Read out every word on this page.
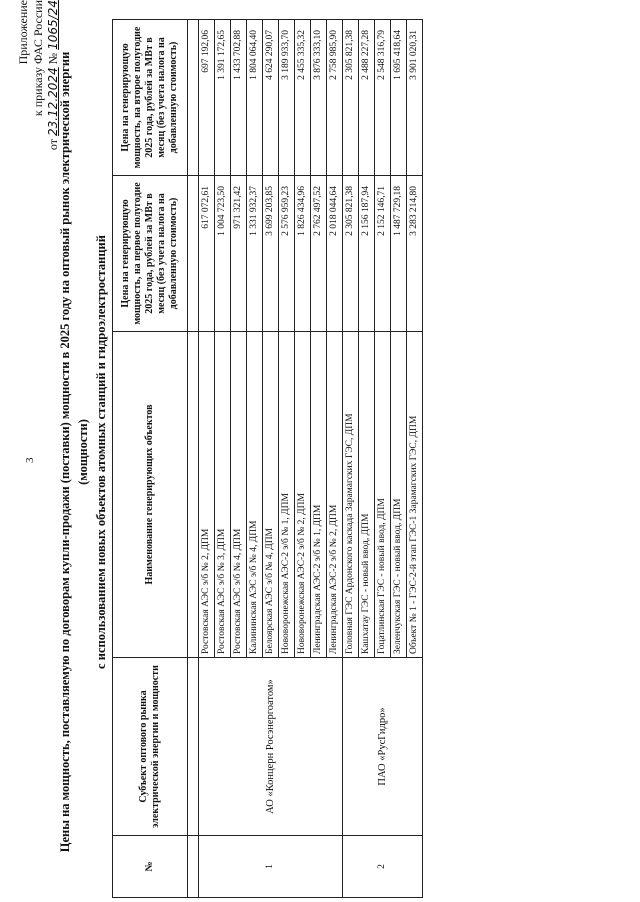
3
Приложение к приказу ФАС России
от 23.12.2024 № 1065/24
Цены на мощность, поставляемую по договорам купли-продажи (поставки) мощности в 2025 году на оптовый рынок электрической энергии (мощности) с использованием новых объектов атомных станций и гидроэлектростанций
№	Субъект оптового рынка электрической энергии и мощности	Наименование генерирующих объектов	Цена на генерирующую мощность, на первое полугодие 2025 года, рублей за МВт в месяц (без учета налога на добавленную стоимость)	Цена на генерирующую мощность, на второе полугодие 2025 года, рублей за МВт в месяц (без учета налога на добавленную стоимость)

1	АО «Концерн Росэнергоатом»	Ростовская АЭС э/б № 2, ДПМ	617 072,61	697 192,06
		Ростовская АЭС э/б № 3, ДПМ	1 004 723,50	1 391 172,65
		Ростовская АЭС э/б № 4, ДПМ	971 321,42	1 433 702,88
		Калининская АЭС э/б № 4, ДПМ	1 331 932,37	1 804 064,40
		Белоярская АЭС э/б № 4, ДПМ	3 699 203,85	4 624 290,07
		Нововоронежская АЭС-2 э/б № 1, ДПМ	2 576 959,23	3 189 933,70
		Нововоронежская АЭС-2 э/б № 2, ДПМ	1 826 434,96	2 455 335,32
		Ленинградская АЭС-2 э/б № 1, ДПМ	2 762 497,52	3 876 333,10
		Ленинградская АЭС-2 э/б № 2, ДПМ	2 018 044,64	2 758 985,90
2	ПАО «РусГидро»	Головная ГЭС Ардонского каскада Зарамагских ГЭС, ДПМ	2 305 821,38	2 305 821,38
		Кашхатау ГЭС - новый ввод, ДПМ	2 156 187,94	2 488 227,28
		Гоцатлинская ГЭС - новый ввод, ДПМ	2 152 146,71	2 548 316,79
		Зеленчукская ГЭС - новый ввод, ДПМ	1 487 729,18	1 695 418,64
		Объект № 1 - ГЭС-2-й этап ГЭС-1 Зарамагских ГЭС, ДПМ	3 283 214,80	3 901 020,31
